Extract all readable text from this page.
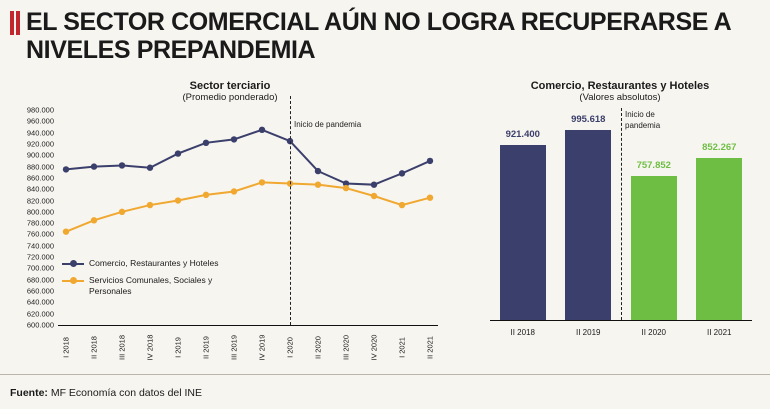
EL SECTOR COMERCIAL AÚN NO LOGRA RECUPERARSE A NIVELES PREPANDEMIA
Sector terciario
(Promedio ponderado)
980.000
960.000
940.000
920.000
900.000
880.000
860.000
840.000
820.000
800.000
780.000
760.000
740.000
720.000
700.000
680.000
660.000
640.000
620.000
600.000
Inicio de pandemia
I 2018	II 2018	III 2018	IV 2018	I 2019	II 2019	III 2019	IV 2019	I 2020	II 2020	III 2020	IV 2020	I 2021	II 2021
Comercio, Restaurantes y Hoteles
Servicios Comunales, Sociales y Personales
Comercio, Restaurantes y Hoteles
(Valores absolutos)
921.400
995.618
757.852
852.267
Inicio de
pandemia
II 2018	II 2019	II 2020	II 2021
Fuente: MF Economía con datos del INE
